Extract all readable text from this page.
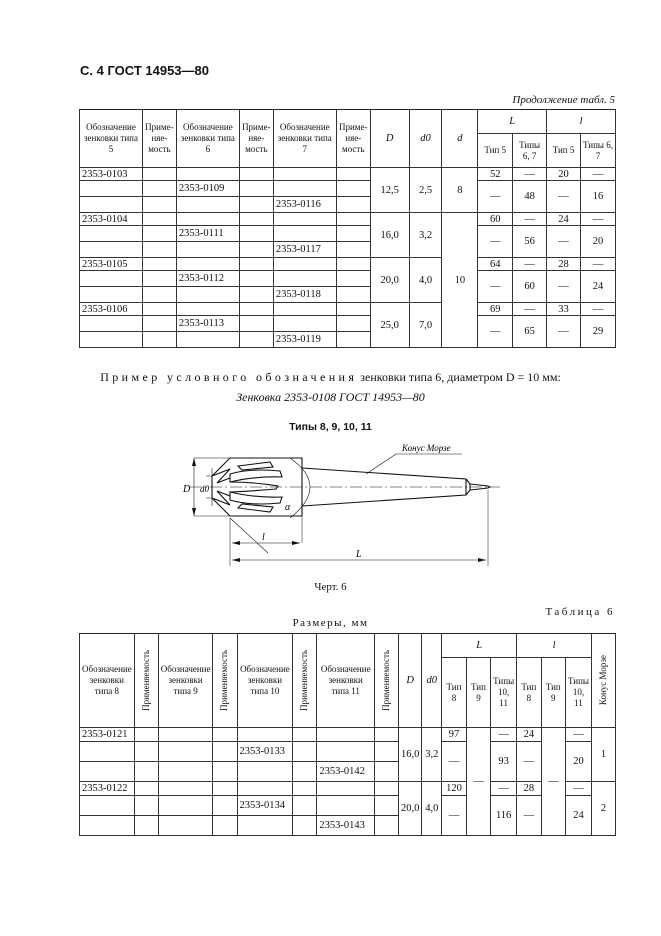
С. 4 ГОСТ 14953—80
Продолжение табл. 5
Обозначение зенковки типа 5	Приме-няе-мость	Обозначение зенковки типа 6	Приме-няе-мость	Обозначение зенковки типа 7	Приме-няе-мость	D	d0	d	L		l	
									Тип 5	Типы 6, 7	Тип 5	Типы 6, 7
2353-0103						12,5	2,5	8	52	—	20	—
		2353-0109							—	48	—	16
				2353-0116								
2353-0104						16,0	3,2	10	60	—	24	—
		2353-0111							—	56	—	20
				2353-0117								
2353-0105						20,0	4,0		64	—	28	—
		2353-0112							—	60	—	24
				2353-0118								
2353-0106						25,0	7,0		69	—	33	—
		2353-0113							—	65	—	29
				2353-0119								
Пример условного обозначения зенковки типа 6, диаметром D = 10 мм:
Зенковка 2353-0108 ГОСТ 14953—80
Типы 8, 9, 10, 11
D d0
α
l
L
Конус Морзе
Черт. 6
Таблица 6
Размеры, мм
Обозначение зенковки типа 8	Применяемость	Обозначение зенковки типа 9	Применяемость	Обозначение зенковки типа 10	Применяемость	Обозначение зенковки типа 11	Применяемость	D	d0	L			l			Конус Морзе

										Тип 8	Тип 9	Типы 10, 11	Тип 8	Тип 9	Типы 10, 11	
2353-0121								16,0	3,2	97	—	—	24	—	—	1
				2353-0133						—		93	—		20	
						2353-0142										
2353-0122								20,0	4,0	120		—	28		—	2
				2353-0134						—		116	—		24	
						2353-0143										
